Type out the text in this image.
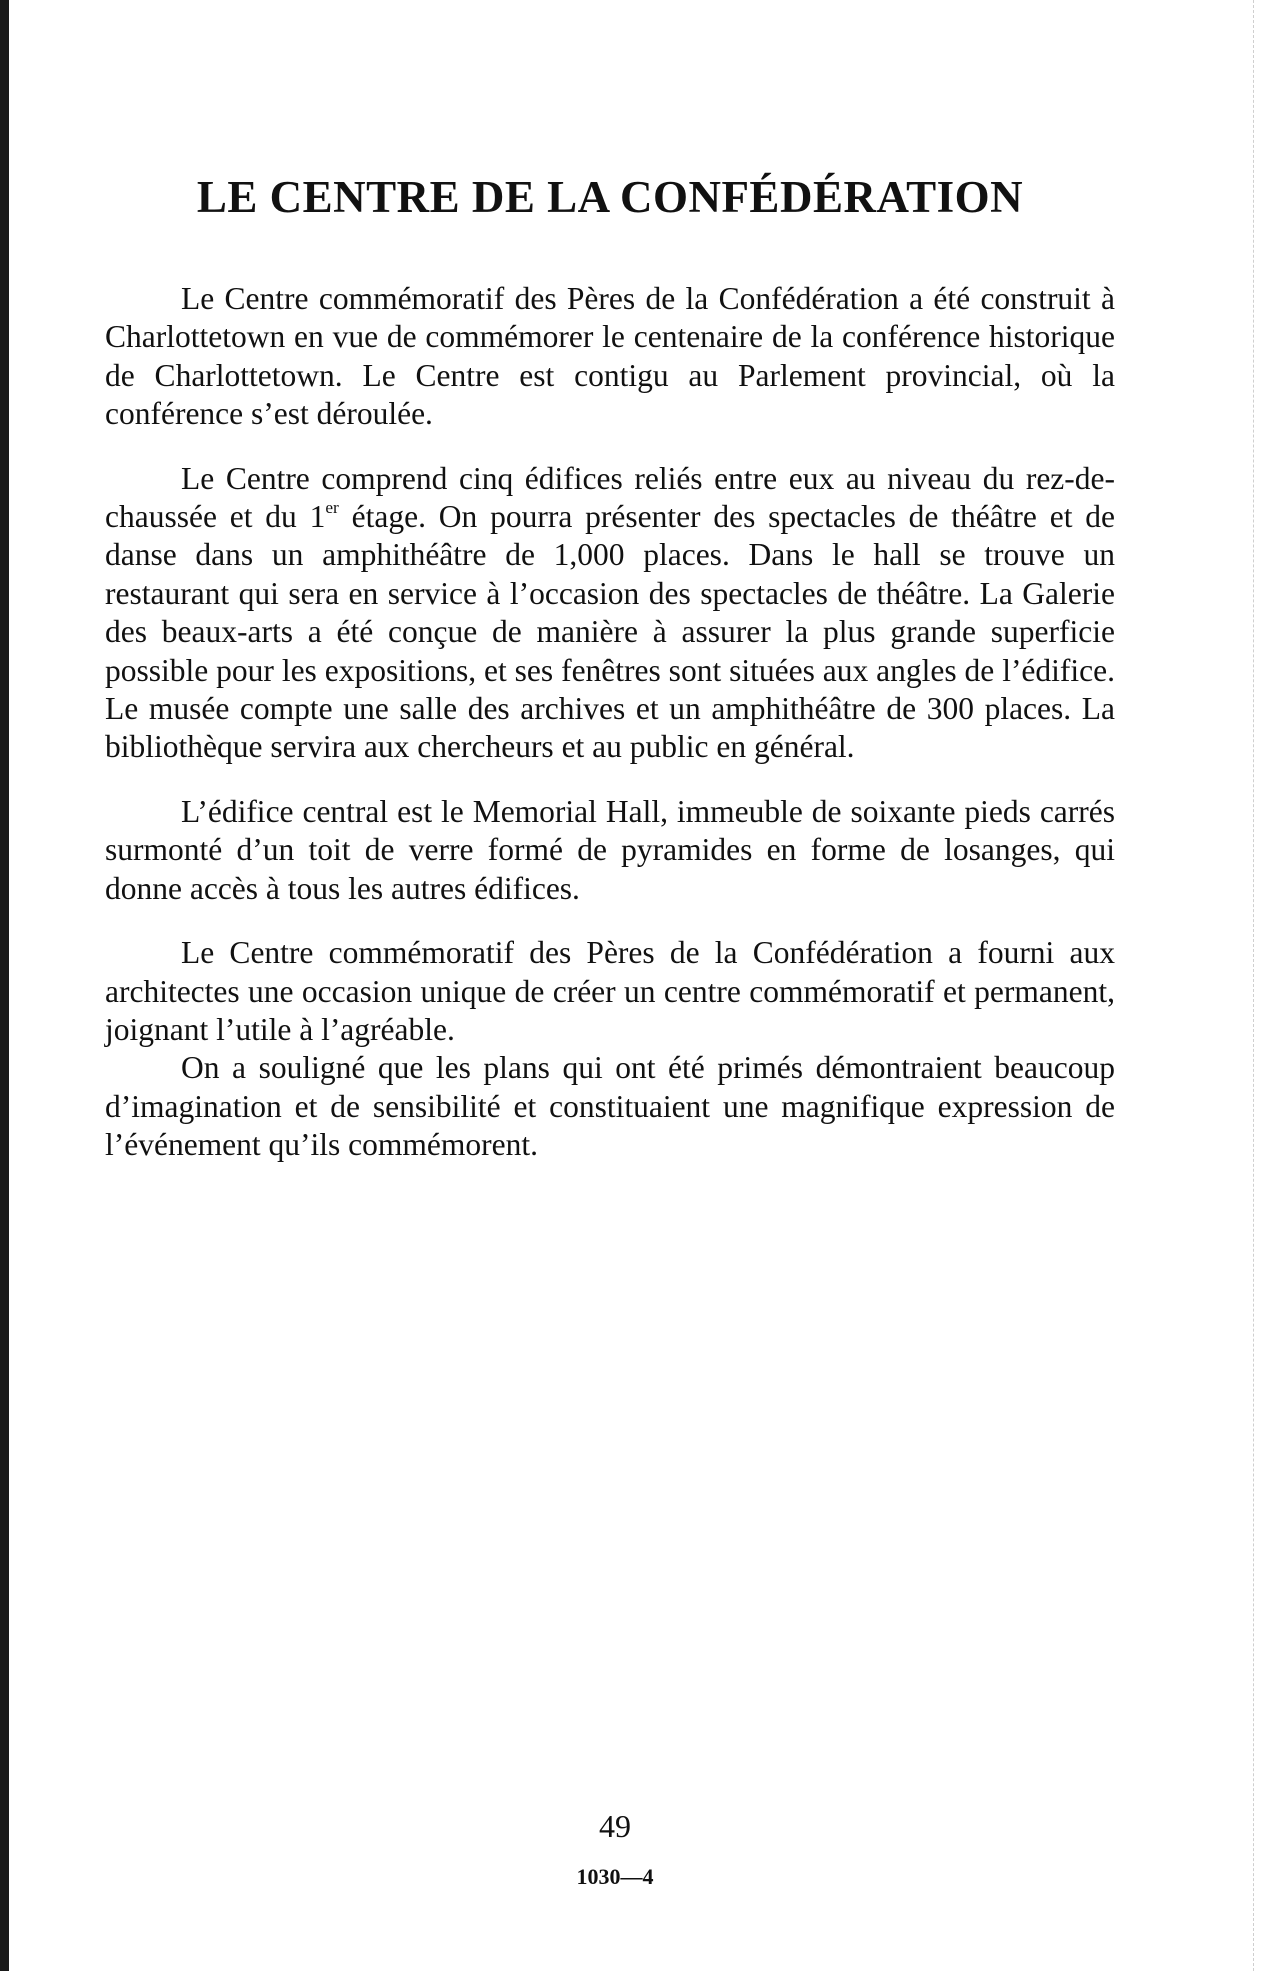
LE CENTRE DE LA CONFÉDÉRATION

Le Centre commémoratif des Pères de la Confédération a été construit à Charlottetown en vue de commémorer le centenaire de la conférence historique de Charlottetown. Le Centre est contigu au Parlement provincial, où la conférence s’est déroulée.

Le Centre comprend cinq édifices reliés entre eux au niveau du rez-de-chaussée et du 1er étage. On pourra présenter des spectacles de théâtre et de danse dans un amphithéâtre de 1,000 places. Dans le hall se trouve un restaurant qui sera en service à l’occasion des spectacles de théâtre. La Galerie des beaux-arts a été conçue de manière à assurer la plus grande superficie possible pour les expositions, et ses fenêtres sont situées aux angles de l’édifice. Le musée compte une salle des archives et un amphithéâtre de 300 places. La bibliothèque servira aux chercheurs et au public en général.

L’édifice central est le Memorial Hall, immeuble de soixante pieds carrés surmonté d’un toit de verre formé de pyramides en forme de losanges, qui donne accès à tous les autres édifices.

Le Centre commémoratif des Pères de la Confédération a fourni aux architectes une occasion unique de créer un centre commémoratif et permanent, joignant l’utile à l’agréable.

On a souligné que les plans qui ont été primés démontraient beaucoup d’imagination et de sensibilité et constituaient une magnifique expression de l’événement qu’ils commémorent.

49
1030—4
